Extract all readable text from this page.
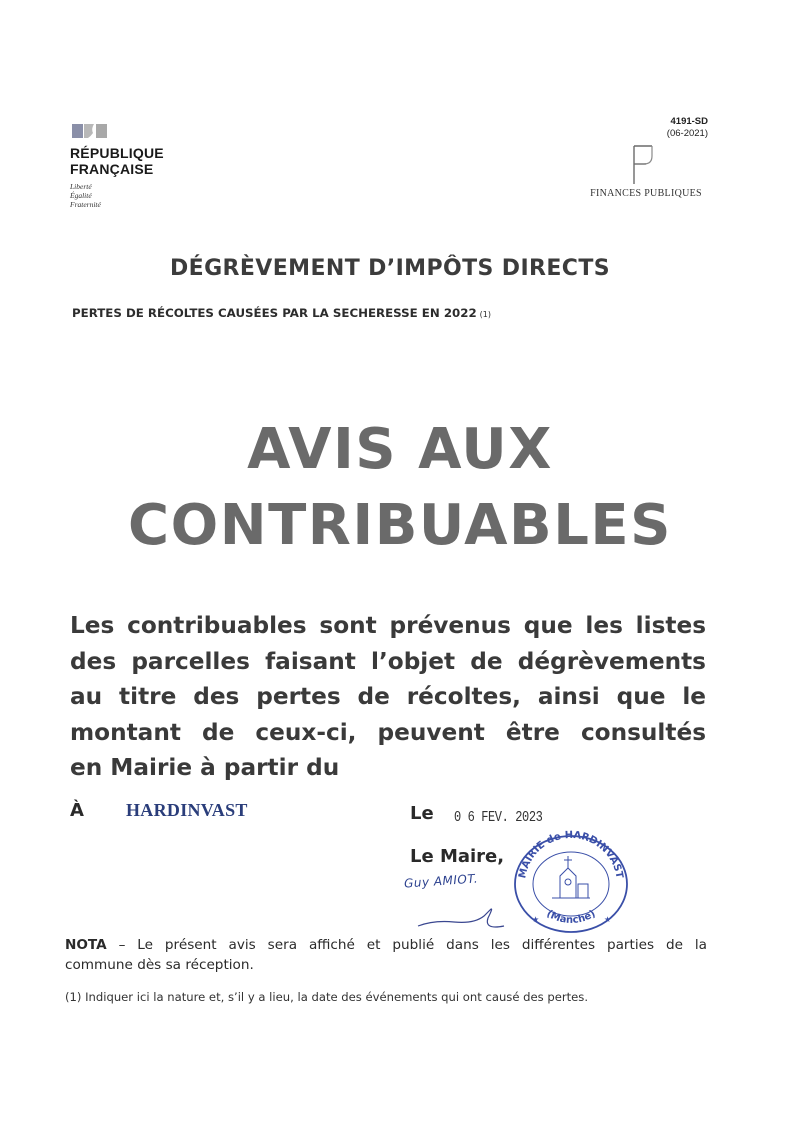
RÉPUBLIQUE
FRANÇAISE
Liberté
Égalité
Fraternité
4191-SD
(06-2021)
FINANCES PUBLIQUES
DÉGRÈVEMENT D’IMPÔTS DIRECTS
PERTES DE RÉCOLTES CAUSÉES PAR LA SECHERESSE EN 2022 (1)
AVIS AUX
CONTRIBUABLES
Les contribuables sont prévenus que les listes
des parcelles faisant l’objet de dégrèvements
au titre des pertes de récoltes, ainsi que le
montant de ceux-ci, peuvent être consultés
en Mairie à partir du
À HARDINVAST	Le 0 6 FEV. 2023
Le Maire,
Guy AMIOT.	MAIRIE de HARDINVAST
(Manche)
★	★
NOTA – Le présent avis sera affiché et publié dans les différentes parties de la
commune dès sa réception.
(1) Indiquer ici la nature et, s’il y a lieu, la date des événements qui ont causé des pertes.
